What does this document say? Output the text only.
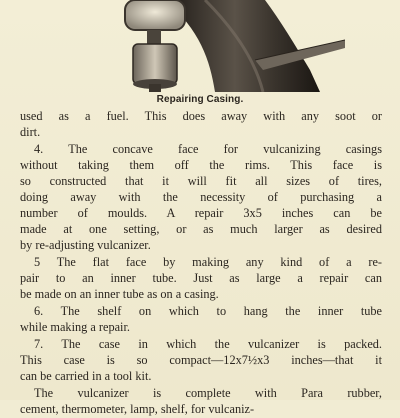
Repairing Casing.
used as a fuel. This does away with any soot or
dirt.
4. The concave face for vulcanizing casings
without taking them off the rims. This face is
so constructed that it will fit all sizes of tires,
doing away with the necessity of purchasing a
number of moulds. A repair 3x5 inches can be
made at one setting, or as much larger as desired
by re-adjusting vulcanizer.
5 The flat face by making any kind of a re-
pair to an inner tube. Just as large a repair can
be made on an inner tube as on a casing.
6. The shelf on which to hang the inner tube
while making a repair.
7. The case in which the vulcanizer is packed.
This case is so compact—12x7½x3 inches—that it
can be carried in a tool kit.
The vulcanizer is complete with Para rubber,
cement, thermometer, lamp, shelf, for vulcaniz-
